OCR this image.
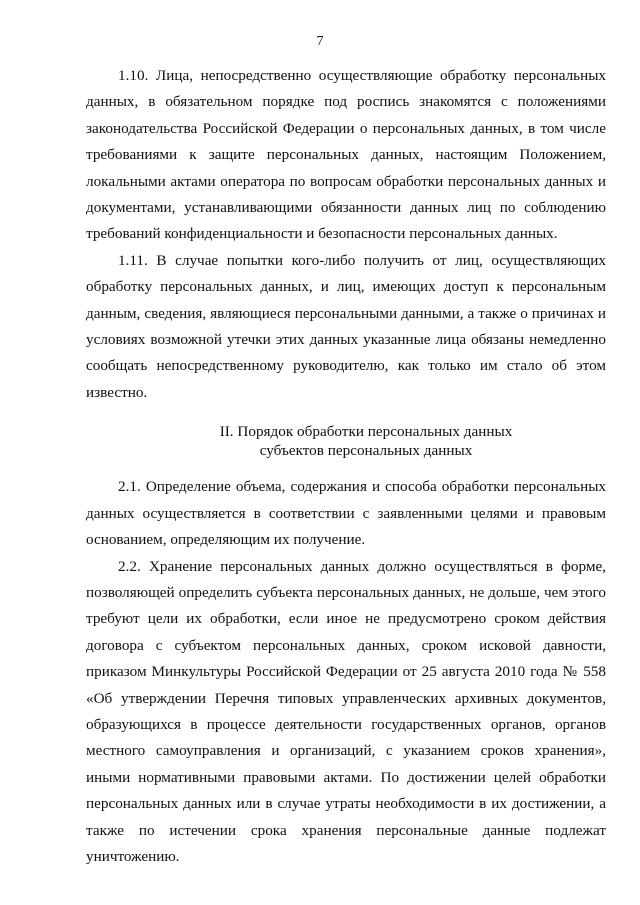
7

1.10. Лица, непосредственно осуществляющие обработку персональных данных, в обязательном порядке под роспись знакомятся с положениями законодательства Российской Федерации о персональных данных, в том числе требованиями к защите персональных данных, настоящим Положением, локальными актами оператора по вопросам обработки персональных данных и документами, устанавливающими обязанности данных лиц по соблюдению требований конфиденциальности и безопасности персональных данных.

1.11. В случае попытки кого-либо получить от лиц, осуществляющих обработку персональных данных, и лиц, имеющих доступ к персональным данным, сведения, являющиеся персональными данными, а также о причинах и условиях возможной утечки этих данных указанные лица обязаны немедленно сообщать непосредственному руководителю, как только им стало об этом известно.

II. Порядок обработки персональных данных
субъектов персональных данных

2.1. Определение объема, содержания и способа обработки персональных данных осуществляется в соответствии с заявленными целями и правовым основанием, определяющим их получение.

2.2. Хранение персональных данных должно осуществляться в форме, позволяющей определить субъекта персональных данных, не дольше, чем этого требуют цели их обработки, если иное не предусмотрено сроком действия договора с субъектом персональных данных, сроком исковой давности, приказом Минкультуры Российской Федерации от 25 августа 2010 года № 558 «Об утверждении Перечня типовых управленческих архивных документов, образующихся в процессе деятельности государственных органов, органов местного самоуправления и организаций, с указанием сроков хранения», иными нормативными правовыми актами. По достижении целей обработки персональных данных или в случае утраты необходимости в их достижении, а также по истечении срока хранения персональные данные подлежат уничтожению.
